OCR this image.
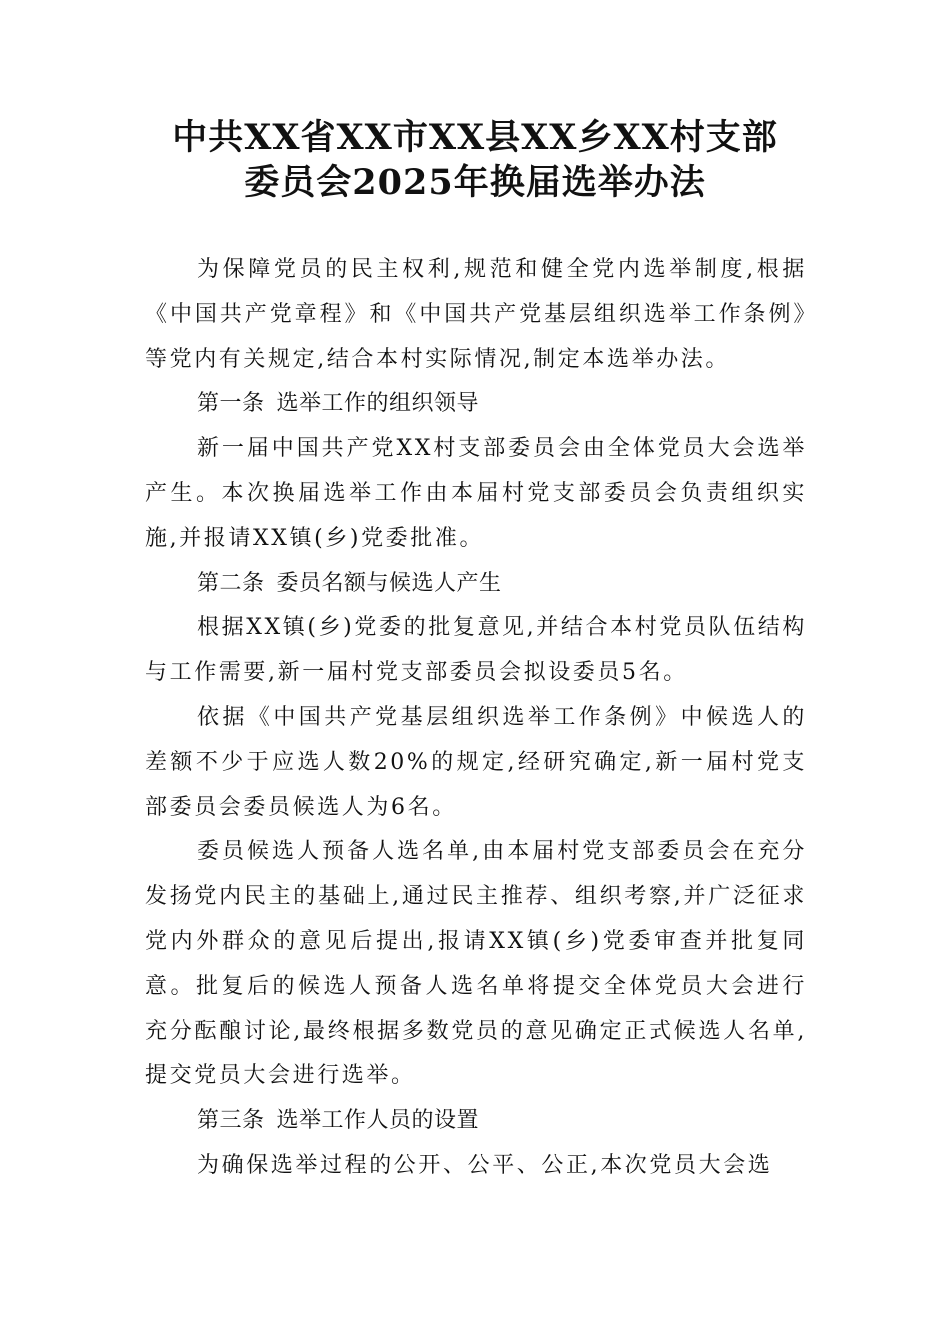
中共XX省XX市XX县XX乡XX村支部
委员会2025年换届选举办法

为保障党员的民主权利,规范和健全党内选举制度,根据《中国共产党章程》和《中国共产党基层组织选举工作条例》等党内有关规定,结合本村实际情况,制定本选举办法。

第一条 选举工作的组织领导

新一届中国共产党XX村支部委员会由全体党员大会选举产生。本次换届选举工作由本届村党支部委员会负责组织实施,并报请XX镇(乡)党委批准。

第二条 委员名额与候选人产生

根据XX镇(乡)党委的批复意见,并结合本村党员队伍结构与工作需要,新一届村党支部委员会拟设委员5名。

依据《中国共产党基层组织选举工作条例》中候选人的差额不少于应选人数20%的规定,经研究确定,新一届村党支部委员会委员候选人为6名。

委员候选人预备人选名单,由本届村党支部委员会在充分发扬党内民主的基础上,通过民主推荐、组织考察,并广泛征求党内外群众的意见后提出,报请XX镇(乡)党委审查并批复同意。批复后的候选人预备人选名单将提交全体党员大会进行充分酝酿讨论,最终根据多数党员的意见确定正式候选人名单,提交党员大会进行选举。

第三条 选举工作人员的设置

为确保选举过程的公开、公平、公正,本次党员大会选
